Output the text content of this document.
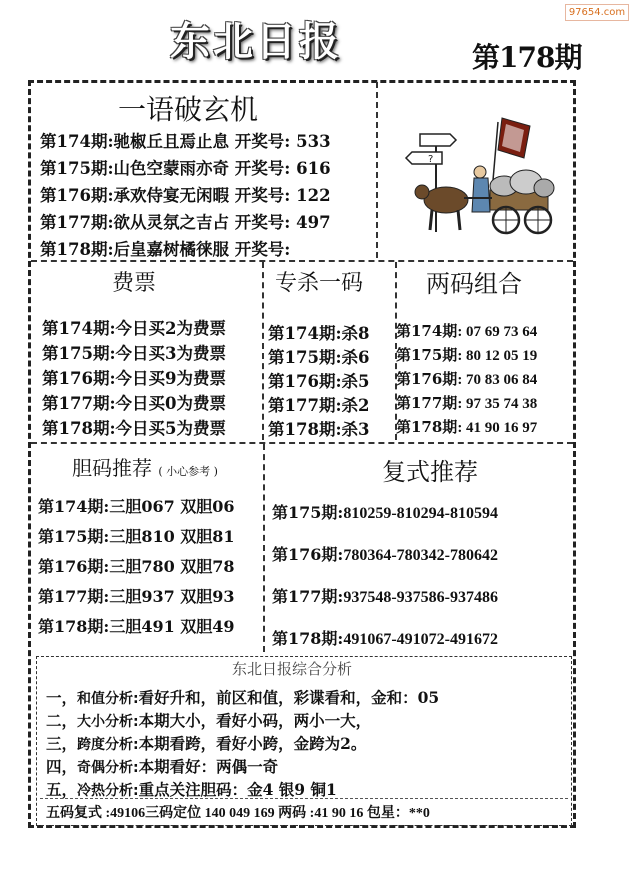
97654.com
东北日报	第178期
一语破玄机
第174期:驰椒丘且焉止息 开奖号: 533
第175期:山色空蒙雨亦奇 开奖号: 616
第176期:承欢侍宴无闲暇 开奖号: 122
第177期:欲从灵氛之吉占 开奖号: 497
第178期:后皇嘉树橘徕服 开奖号:
?
费票	专杀一码	两码组合
第174期:今日买2为费票
第175期:今日买3为费票
第176期:今日买9为费票
第177期:今日买0为费票
第178期:今日买5为费票
第174期:杀8
第175期:杀6
第176期:杀5
第177期:杀2
第178期:杀3
第174期: 07 69 73 64
第175期: 80 12 05 19
第176期: 70 83 06 84
第177期: 97 35 74 38
第178期: 41 90 16 97
胆码推荐 ( 小心参考 )	复式推荐
第174期:三胆067 双胆06
第175期:三胆810 双胆81
第176期:三胆780 双胆78
第177期:三胆937 双胆93
第178期:三胆491 双胆49
第175期:810259-810294-810594
第176期:780364-780342-780642
第177期:937548-937586-937486
第178期:491067-491072-491672
东北日报综合分析
一，和值分析:看好升和，前区和值，彩谍看和，金和：05
二，大小分析:本期大小，看好小码，两小一大，
三，跨度分析:本期看跨，看好小跨，金跨为2。
四，奇偶分析:本期看好：两偶一奇
五，冷热分析:重点关注胆码：金4 银9 铜1
五码复式 :49106三码定位 140 049 169 两码 :41 90 16 包星：**0
